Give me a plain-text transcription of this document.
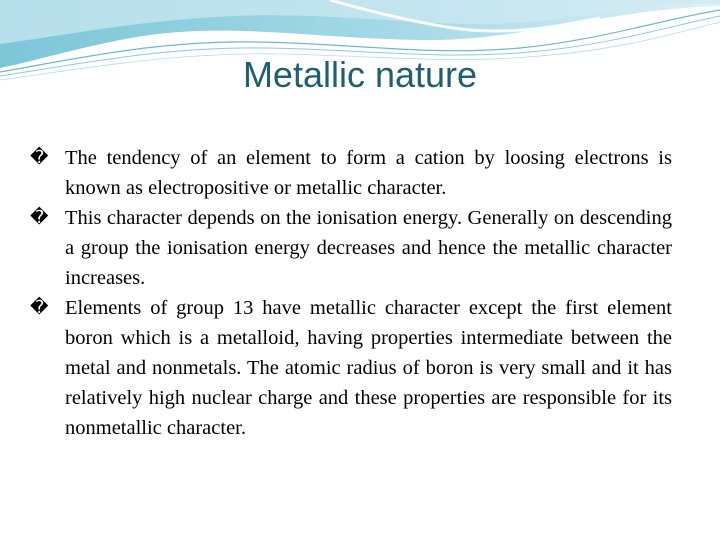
Metallic nature
� The tendency of an element to form a cation by loosing electrons is known as electropositive or metallic character.
� This character depends on the ionisation energy. Generally on descending a group the ionisation energy decreases and hence the metallic character increases.
� Elements of group 13 have metallic character except the first element boron which is a metalloid, having properties intermediate between the metal and nonmetals. The atomic radius of boron is very small and it has relatively high nuclear charge and these properties are responsible for its nonmetallic character.
